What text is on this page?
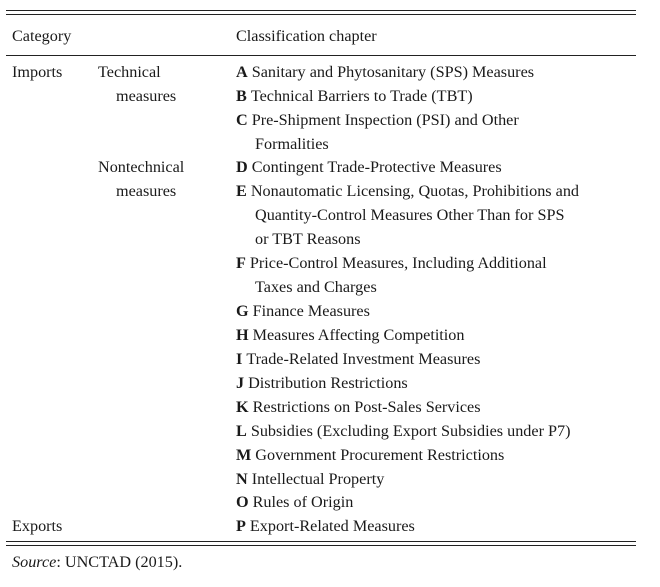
Category	Classification chapter
Imports Technical
measures
Nontechnical
measures
Exports
A Sanitary and Phytosanitary (SPS) Measures
B Technical Barriers to Trade (TBT)
C Pre-Shipment Inspection (PSI) and Other
Formalities
D Contingent Trade-Protective Measures
E Nonautomatic Licensing, Quotas, Prohibitions and
Quantity-Control Measures Other Than for SPS
or TBT Reasons
F Price-Control Measures, Including Additional
Taxes and Charges
G Finance Measures
H Measures Affecting Competition
I Trade-Related Investment Measures
J Distribution Restrictions
K Restrictions on Post-Sales Services
L Subsidies (Excluding Export Subsidies under P7)
M Government Procurement Restrictions
N Intellectual Property
O Rules of Origin
P Export-Related Measures
Source: UNCTAD (2015).
